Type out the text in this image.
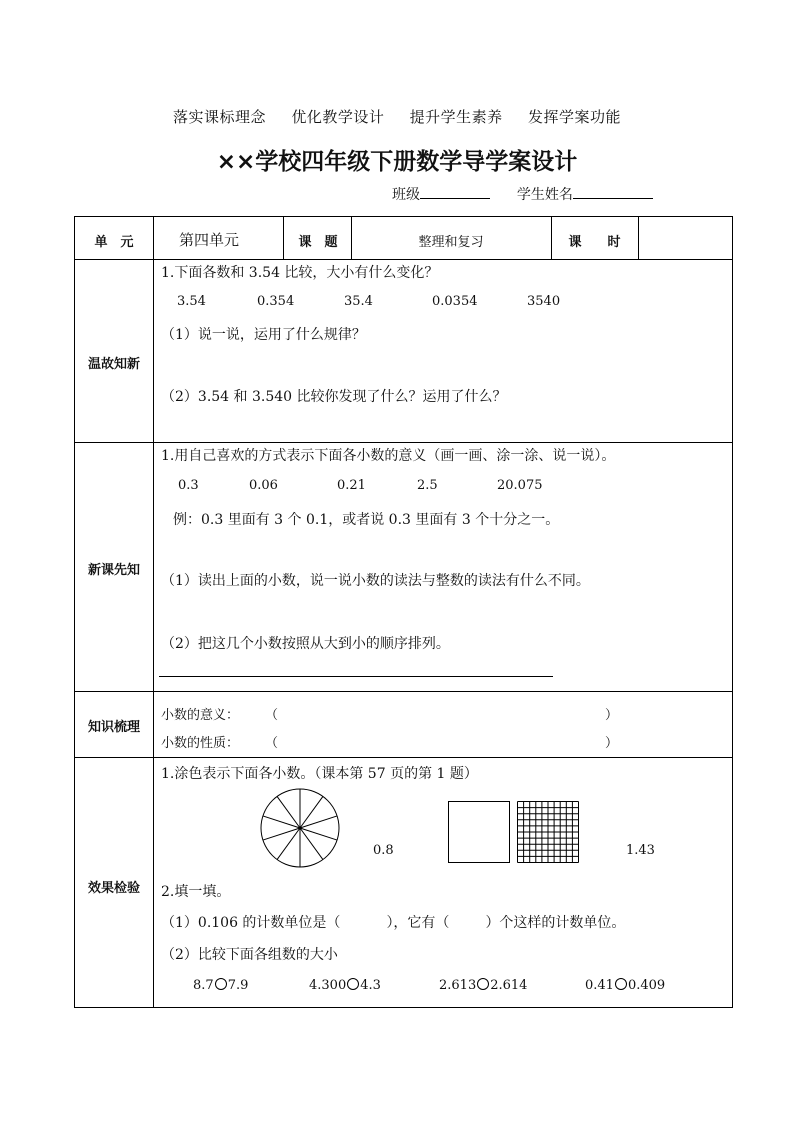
落实课标理念 优化教学设计 提升学生素养 发挥学案功能
××学校四年级下册数学导学案设计
班级	学生姓名
单　元	第四单元	课　题	整理和复习	课　　时
温故知新
1.下面各数和 3.54 比较，大小有什么变化？
3.54	0.354	35.4	0.0354	3540
（1）说一说，运用了什么规律？
（2）3.54 和 3.540 比较你发现了什么？运用了什么？
新课先知
1.用自己喜欢的方式表示下面各小数的意义（画一画、涂一涂、说一说）。
0.3	0.06	0.21	2.5	20.075
例：0.3 里面有 3 个 0.1，或者说 0.3 里面有 3 个十分之一。
（1）读出上面的小数，说一说小数的读法与整数的读法有什么不同。
（2）把这几个小数按照从大到小的顺序排列。
知识梳理
小数的意义： （	）
小数的性质： （	）
效果检验
1.涂色表示下面各小数。（课本第 57 页的第 1 题）
0.8	1.43
2.填一填。
（1）0.106 的计数单位是（	），它有（	）个这样的计数单位。
（2）比较下面各组数的大小
8.7 7.9	4.300 4.3	2.613 2.614	0.41 0.409
